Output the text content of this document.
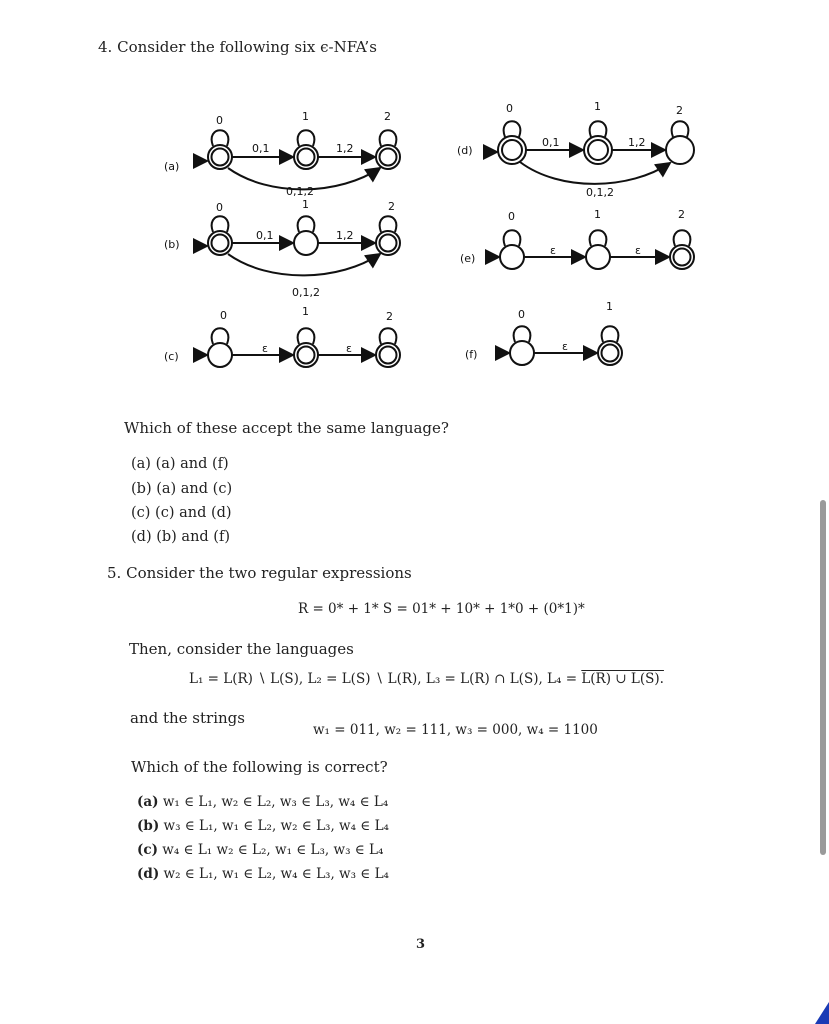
4. Consider the following six ϵ-NFA’s
(a)
0	1	2
0,1	1,2
0,1,2
(b)
0	1	2
0,1	1,2
0,1,2
(c)
0	1	2
ε	ε
(d)
0	1	2
0,1	1,2
0,1,2
(e)
0	1	2
ε	ε
(f)
0
1
ε
Which of these accept the same language?
(a) (a) and (f)
(b) (a) and (c)
(c) (c) and (d)
(d) (b) and (f)
5. Consider the two regular expressions
R = 0* + 1* S = 01* + 10* + 1*0 + (0*1)*
Then, consider the languages
L₁ = L(R) ∖ L(S), L₂ = L(S) ∖ L(R), L₃ = L(R) ∩ L(S), L₄ = L(R) ∪ L(S).
and the strings
w₁ = 011, w₂ = 111, w₃ = 000, w₄ = 1100
Which of the following is correct?
(a) w₁ ∈ L₁, w₂ ∈ L₂, w₃ ∈ L₃, w₄ ∈ L₄
(b) w₃ ∈ L₁, w₁ ∈ L₂, w₂ ∈ L₃, w₄ ∈ L₄
(c) w₄ ∈ L₁ w₂ ∈ L₂, w₁ ∈ L₃, w₃ ∈ L₄
(d) w₂ ∈ L₁, w₁ ∈ L₂, w₄ ∈ L₃, w₃ ∈ L₄
3
